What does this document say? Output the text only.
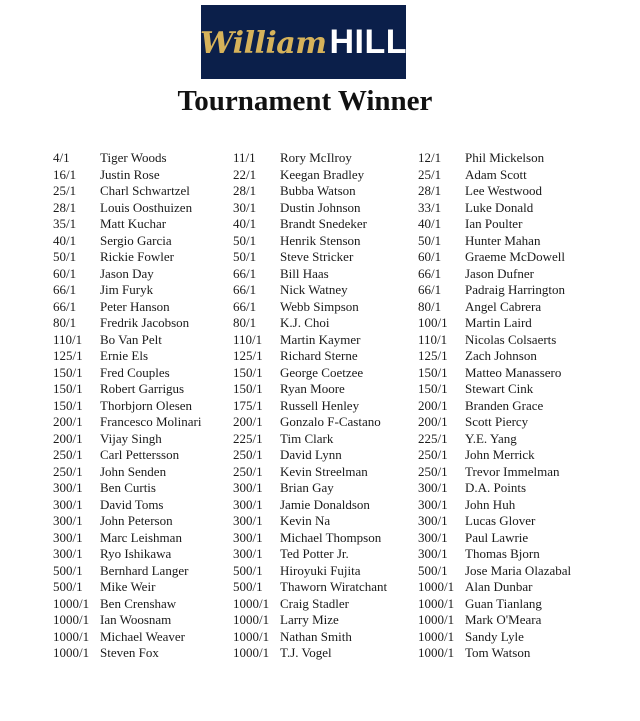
William HILL
Tournament Winner
4/1	Tiger Woods
16/1	Justin Rose
25/1	Charl Schwartzel
28/1	Louis Oosthuizen
35/1	Matt Kuchar
40/1	Sergio Garcia
50/1	Rickie Fowler
60/1	Jason Day
66/1	Jim Furyk
66/1	Peter Hanson
80/1	Fredrik Jacobson
110/1	Bo Van Pelt
125/1	Ernie Els
150/1	Fred Couples
150/1	Robert Garrigus
150/1	Thorbjorn Olesen
200/1	Francesco Molinari
200/1	Vijay Singh
250/1	Carl Pettersson
250/1	John Senden
300/1	Ben Curtis
300/1	David Toms
300/1	John Peterson
300/1	Marc Leishman
300/1	Ryo Ishikawa
500/1	Bernhard Langer
500/1	Mike Weir
1000/1 Ben Crenshaw
1000/1 Ian Woosnam
1000/1 Michael Weaver
1000/1 Steven Fox
11/1	Rory McIlroy
22/1	Keegan Bradley
28/1	Bubba Watson
30/1	Dustin Johnson
40/1	Brandt Snedeker
50/1	Henrik Stenson
50/1	Steve Stricker
66/1	Bill Haas
66/1	Nick Watney
66/1	Webb Simpson
80/1	K.J. Choi
110/1	Martin Kaymer
125/1	Richard Sterne
150/1	George Coetzee
150/1	Ryan Moore
175/1	Russell Henley
200/1	Gonzalo F-Castano
225/1	Tim Clark
250/1	David Lynn
250/1	Kevin Streelman
300/1	Brian Gay
300/1	Jamie Donaldson
300/1	Kevin Na
300/1	Michael Thompson
300/1	Ted Potter Jr.
500/1	Hiroyuki Fujita
500/1	Thaworn Wiratchant
1000/1 Craig Stadler
1000/1 Larry Mize
1000/1 Nathan Smith
1000/1 T.J. Vogel
12/1	Phil Mickelson
25/1	Adam Scott
28/1	Lee Westwood
33/1	Luke Donald
40/1	Ian Poulter
50/1	Hunter Mahan
60/1	Graeme McDowell
66/1	Jason Dufner
66/1	Padraig Harrington
80/1	Angel Cabrera
100/1	Martin Laird
110/1	Nicolas Colsaerts
125/1	Zach Johnson
150/1	Matteo Manassero
150/1	Stewart Cink
200/1	Branden Grace
200/1	Scott Piercy
225/1	Y.E. Yang
250/1	John Merrick
250/1	Trevor Immelman
300/1	D.A. Points
300/1	John Huh
300/1	Lucas Glover
300/1	Paul Lawrie
300/1	Thomas Bjorn
500/1	Jose Maria Olazabal
1000/1 Alan Dunbar
1000/1 Guan Tianlang
1000/1 Mark O'Meara
1000/1 Sandy Lyle
1000/1 Tom Watson
